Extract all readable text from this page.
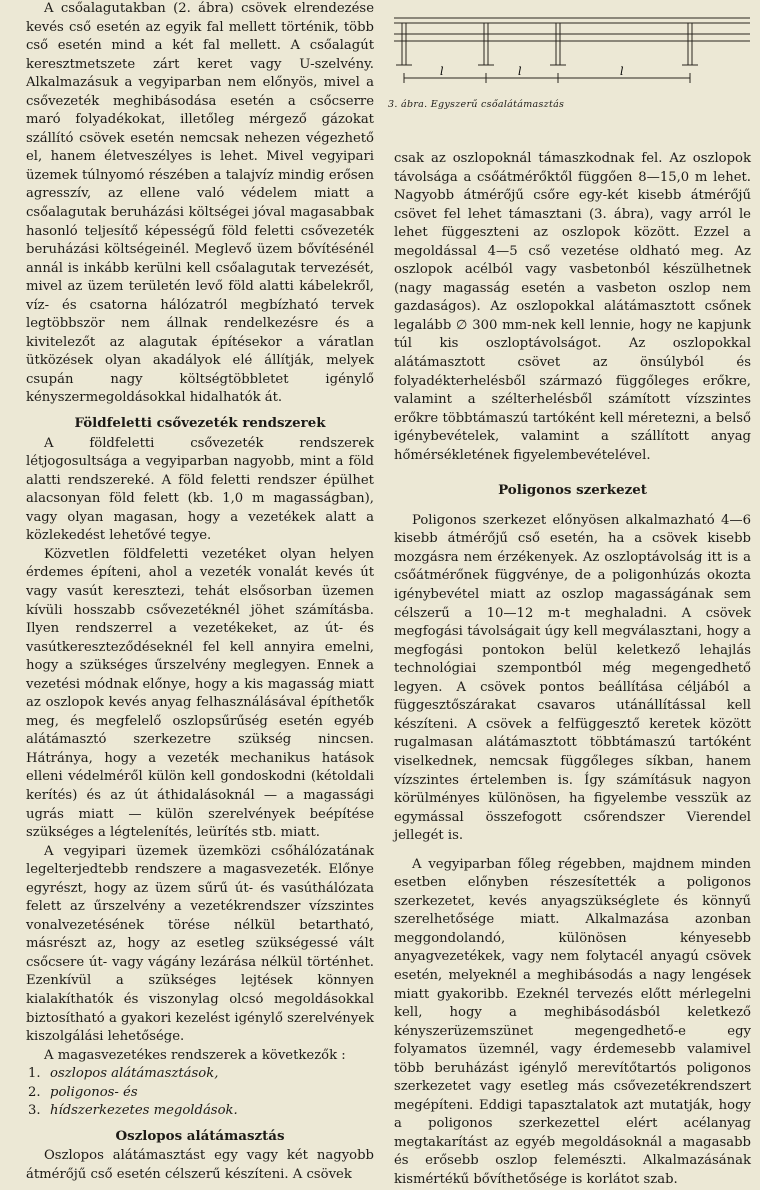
A csőalagutakban (2. ábra) csövek elrendezése kevés cső esetén az egyik fal mellett történik, több cső esetén mind a két fal mellett. A csőalagút keresztmetszete zárt keret vagy U-szelvény. Alkalmazásuk a vegyiparban nem előnyös, mivel a csővezeték meghibásodása esetén a csőcserre maró folyadékokat, illetőleg mérgező gázokat szállító csövek esetén nemcsak nehezen végezhető el, hanem életveszélyes is lehet. Mivel vegyipari üzemek túlnyomó részében a talajvíz mindig erősen agresszív, az ellene való védelem miatt a csőalagutak beruházási költségei jóval magasabbak hasonló teljesítő képességű föld feletti csővezeték beruházási költségeinél. Meglevő üzem bővítésénél annál is inkább kerülni kell csőalagutak tervezését, mivel az üzem területén levő föld alatti kábelekről, víz- és csatorna hálózatról megbízható tervek legtöbbször nem állnak rendelkezésre és a kivitelezőt az alagutak építésekor a váratlan ütközések olyan akadályok elé állítják, melyek csupán nagy költségtöbbletet igénylő kényszermegoldásokkal hidalhatók át.

Földfeletti csővezeték rendszerek

A földfeletti csővezeték rendszerek létjogosultsága a vegyiparban nagyobb, mint a föld alatti rendszereké. A föld feletti rendszer épülhet alacsonyan föld felett (kb. 1,0 m magasságban), vagy olyan magasan, hogy a vezetékek alatt a közlekedést lehetővé tegye.

Közvetlen földfeletti vezetéket olyan helyen érdemes építeni, ahol a vezeték vonalát kevés út vagy vasút keresztezi, tehát elsősorban üzemen kívüli hosszabb csővezetéknél jöhet számításba. Ilyen rendszerrel a vezetékeket, az út- és vasútkereszteződéseknél fel kell annyira emelni, hogy a szükséges űrszelvény meglegyen. Ennek a vezetési módnak előnye, hogy a kis magasság miatt az oszlopok kevés anyag felhasználásával építhetők meg, és megfelelő oszlopsűrűség esetén egyéb alátámasztó szerkezetre szükség nincsen. Hátránya, hogy a vezeték mechanikus hatások elleni védelméről külön kell gondoskodni (kétoldali kerítés) és az út áthidalásoknál — a magassági ugrás miatt — külön szerelvények beépítése szükséges a légtelenítés, leürítés stb. miatt.

A vegyipari üzemek üzemközi csőhálózatának legelterjedtebb rendszere a magasvezeték. Előnye egyrészt, hogy az üzem sűrű út- és vasúthálózata felett az űrszelvény a vezetékrendszer vízszintes vonalvezetésének törése nélkül betartható, másrészt az, hogy az esetleg szükségessé vált csőcsere út- vagy vágány lezárása nélkül történhet. Ezenkívül a szükséges lejtések könnyen kialakíthatók és viszonylag olcsó megoldásokkal biztosítható a gyakori kezelést igénylő szerelvények kiszolgálási lehetősége.

A magasvezetékes rendszerek a következők :

1. oszlopos alátámasztások,
2. poligonos- és
3. hídszerkezetes megoldások.
Oszlopos alátámasztás

Oszlopos alátámasztást egy vagy két nagyobb átmérőjű cső esetén célszerű készíteni. A csövek

l	l	l
3. ábra. Egyszerű csőalátámasztás

csak az oszlopoknál támaszkodnak fel. Az oszlopok távolsága a csőátmérőktől függően 8—15,0 m lehet. Nagyobb átmérőjű csőre egy-két kisebb átmérőjű csövet fel lehet támasztani (3. ábra), vagy arról le lehet függeszteni az oszlopok között. Ezzel a megoldással 4—5 cső vezetése oldható meg. Az oszlopok acélból vagy vasbetonból készülhetnek (nagy magasság esetén a vasbeton oszlop nem gazdaságos). Az oszlopokkal alátámasztott csőnek legalább ∅ 300 mm-nek kell lennie, hogy ne kapjunk túl kis oszloptávolságot. Az oszlopokkal alátámasztott csövet az önsúlyból és folyadékterhelésből származó függőleges erőkre, valamint a szélterhelésből számított vízszintes erőkre többtámaszú tartóként kell méretezni, a belső igénybevételek, valamint a szállított anyag hőmérsékletének figyelembevételével.

Poligonos szerkezet

Poligonos szerkezet előnyösen alkalmazható 4—6 kisebb átmérőjű cső esetén, ha a csövek kisebb mozgásra nem érzékenyek. Az oszloptávolság itt is a csőátmérőnek függvénye, de a poligonhúzás okozta igénybevétel miatt az oszlop magasságának sem célszerű a 10—12 m-t meghaladni. A csövek megfogási távolságait úgy kell megválasztani, hogy a megfogási pontokon belül keletkező lehajlás technológiai szempontból még megengedhető legyen. A csövek pontos beállítása céljából a függesztőszárakat csavaros utánállítással kell készíteni. A csövek a felfüggesztő keretek között rugalmasan alátámasztott többtámaszú tartóként viselkednek, nemcsak függőleges síkban, hanem vízszintes értelemben is. Így számításuk nagyon körülményes különösen, ha figyelembe vesszük az egymással összefogott csőrendszer Vierendel jellegét is.

A vegyiparban főleg régebben, majdnem minden esetben előnyben részesítették a poligonos szerkezetet, kevés anyagszükséglete és könnyű szerelhetősége miatt. Alkalmazása azonban meggondolandó, különösen kényesebb anyagvezetékek, vagy nem folytacél anyagú csövek esetén, melyeknél a meghibásodás a nagy lengések miatt gyakoribb. Ezeknél tervezés előtt mérlegelni kell, hogy a meghibásodásból keletkező kényszerüzemszünet megengedhető-e egy folyamatos üzemnél, vagy érdemesebb valamivel több beruházást igénylő merevítőtartós poligonos szerkezetet vagy esetleg más csővezetékrendszert megépíteni. Eddigi tapasztalatok azt mutatják, hogy a poligonos szerkezettel elért acélanyag megtakarítást az egyéb megoldásoknál a magasabb és erősebb oszlop felemészti. Alkalmazásának kismértékű bővíthetősége is korlátot szab.
